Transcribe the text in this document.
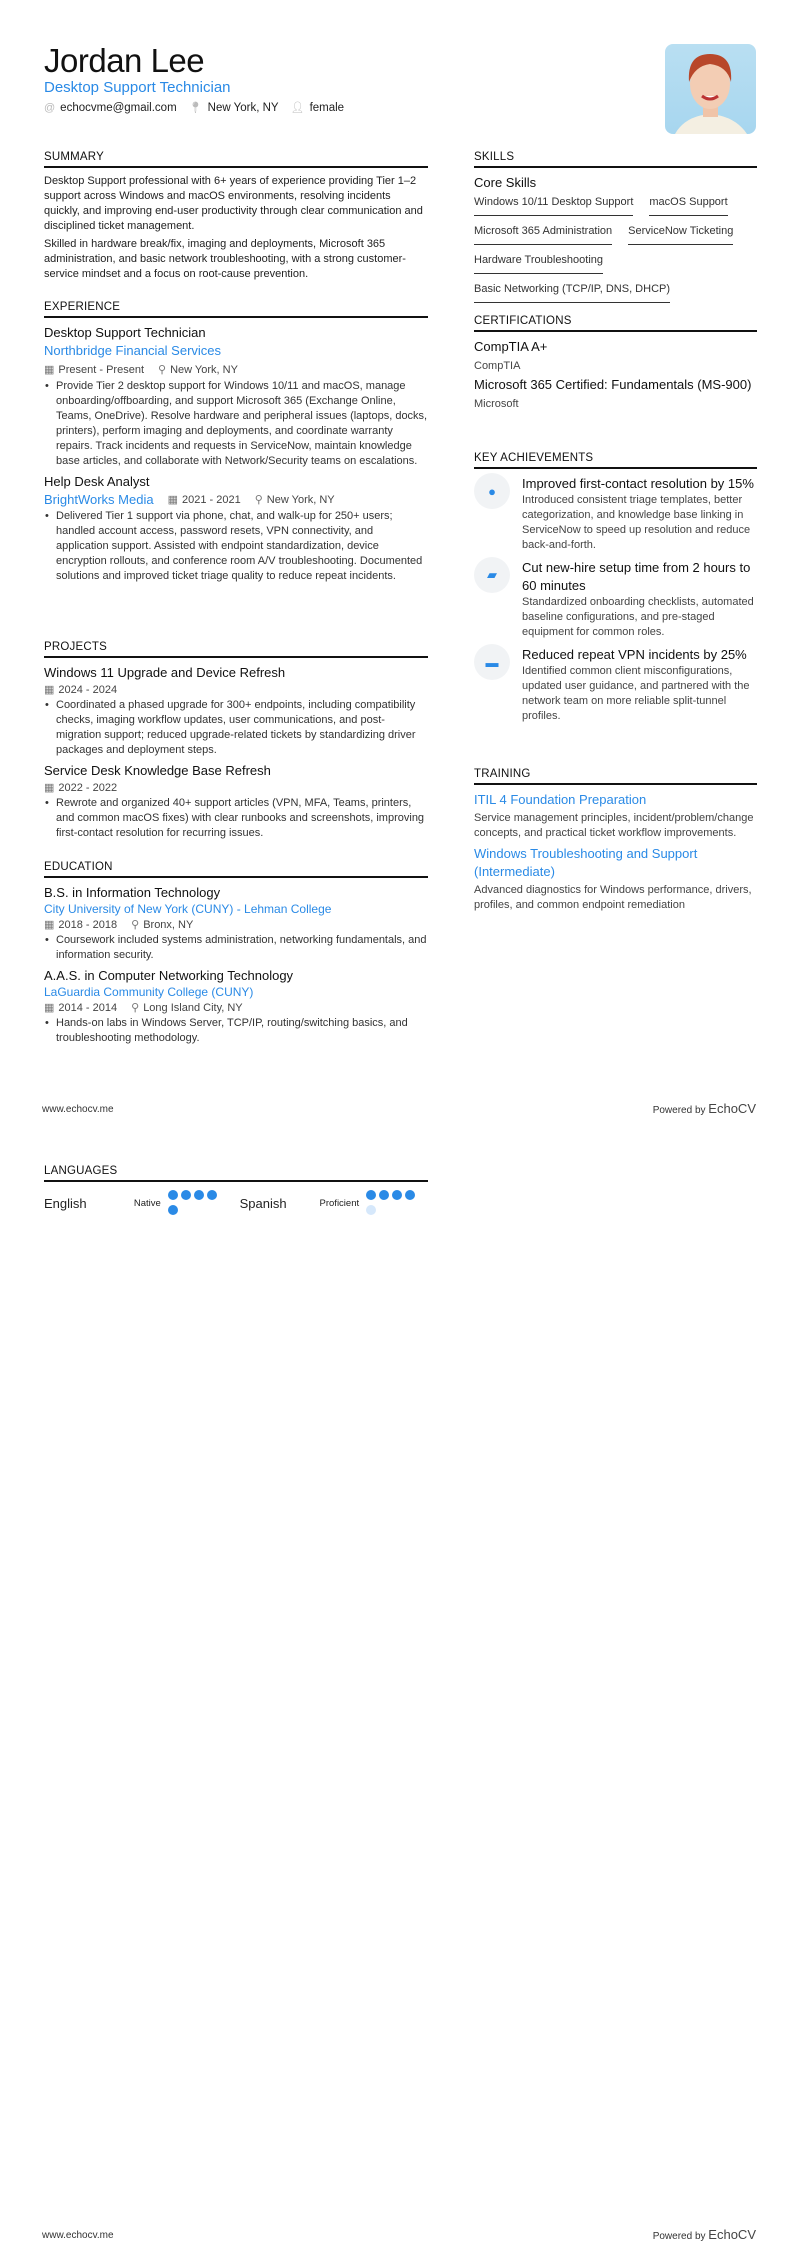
Jordan Lee
Desktop Support Technician
@ echocvme@gmail.com 📍︎ New York, NY 👤︎ female
SUMMARY

Desktop Support professional with 6+ years of experience providing Tier 1–2 support across Windows and macOS environments, resolving incidents quickly, and improving end-user productivity through clear communication and disciplined ticket management.

Skilled in hardware break/fix, imaging and deployments, Microsoft 365 administration, and basic network troubleshooting, with a strong customer-service mindset and a focus on root-cause prevention.

EXPERIENCE
Desktop Support Technician
Northbridge Financial Services
▦ Present - Present ⚲ New York, NY
• Provide Tier 2 desktop support for Windows 10/11 and macOS, manage onboarding/offboarding, and support Microsoft 365 (Exchange Online, Teams, OneDrive). Resolve hardware and peripheral issues (laptops, docks, printers), perform imaging and deployments, and coordinate warranty repairs. Track incidents and requests in ServiceNow, maintain knowledge base articles, and collaborate with Network/Security teams on escalations.
Help Desk Analyst
BrightWorks Media ▦ 2021 - 2021 ⚲ New York, NY
• Delivered Tier 1 support via phone, chat, and walk-up for 250+ users; handled account access, password resets, VPN connectivity, and application support. Assisted with endpoint standardization, device encryption rollouts, and conference room A/V troubleshooting. Documented solutions and improved ticket triage quality to reduce repeat incidents.
PROJECTS
Windows 11 Upgrade and Device Refresh
▦ 2024 - 2024
• Coordinated a phased upgrade for 300+ endpoints, including compatibility checks, imaging workflow updates, user communications, and post-migration support; reduced upgrade-related tickets by standardizing driver packages and deployment steps.
Service Desk Knowledge Base Refresh
▦ 2022 - 2022
• Rewrote and organized 40+ support articles (VPN, MFA, Teams, printers, and common macOS fixes) with clear runbooks and screenshots, improving first-contact resolution for recurring issues.
EDUCATION
B.S. in Information Technology
City University of New York (CUNY) - Lehman College
▦ 2018 - 2018 ⚲ Bronx, NY
• Coursework included systems administration, networking fundamentals, and information security.
A.A.S. in Computer Networking Technology
LaGuardia Community College (CUNY)
▦ 2014 - 2014 ⚲ Long Island City, NY
• Hands-on labs in Windows Server, TCP/IP, routing/switching basics, and troubleshooting methodology.
SKILLS
Core Skills
Windows 10/11 Desktop Support macOS Support
Microsoft 365 Administration ServiceNow Ticketing
Hardware Troubleshooting
Basic Networking (TCP/IP, DNS, DHCP)
CERTIFICATIONS
CompTIA A+
CompTIA
Microsoft 365 Certified: Fundamentals (MS-900)
Microsoft
KEY ACHIEVEMENTS
●	Improved first-contact resolution by 15%
Introduced consistent triage templates, better categorization, and knowledge base linking in ServiceNow to speed up resolution and reduce back-and-forth.
▰	Cut new-hire setup time from 2 hours to 60 minutes
Standardized onboarding checklists, automated baseline configurations, and pre-staged equipment for common roles.
▬	Reduced repeat VPN incidents by 25%
Identified common client misconfigurations, updated user guidance, and partnered with the network team on more reliable split-tunnel profiles.
TRAINING
ITIL 4 Foundation Preparation
Service management principles, incident/problem/change concepts, and practical ticket workflow improvements.
Windows Troubleshooting and Support (Intermediate)
Advanced diagnostics for Windows performance, drivers, profiles, and common endpoint remediation
www.echocv.me	Powered by EchoCV
LANGUAGES
English	Native	Spanish	Proficient
www.echocv.me	Powered by EchoCV
